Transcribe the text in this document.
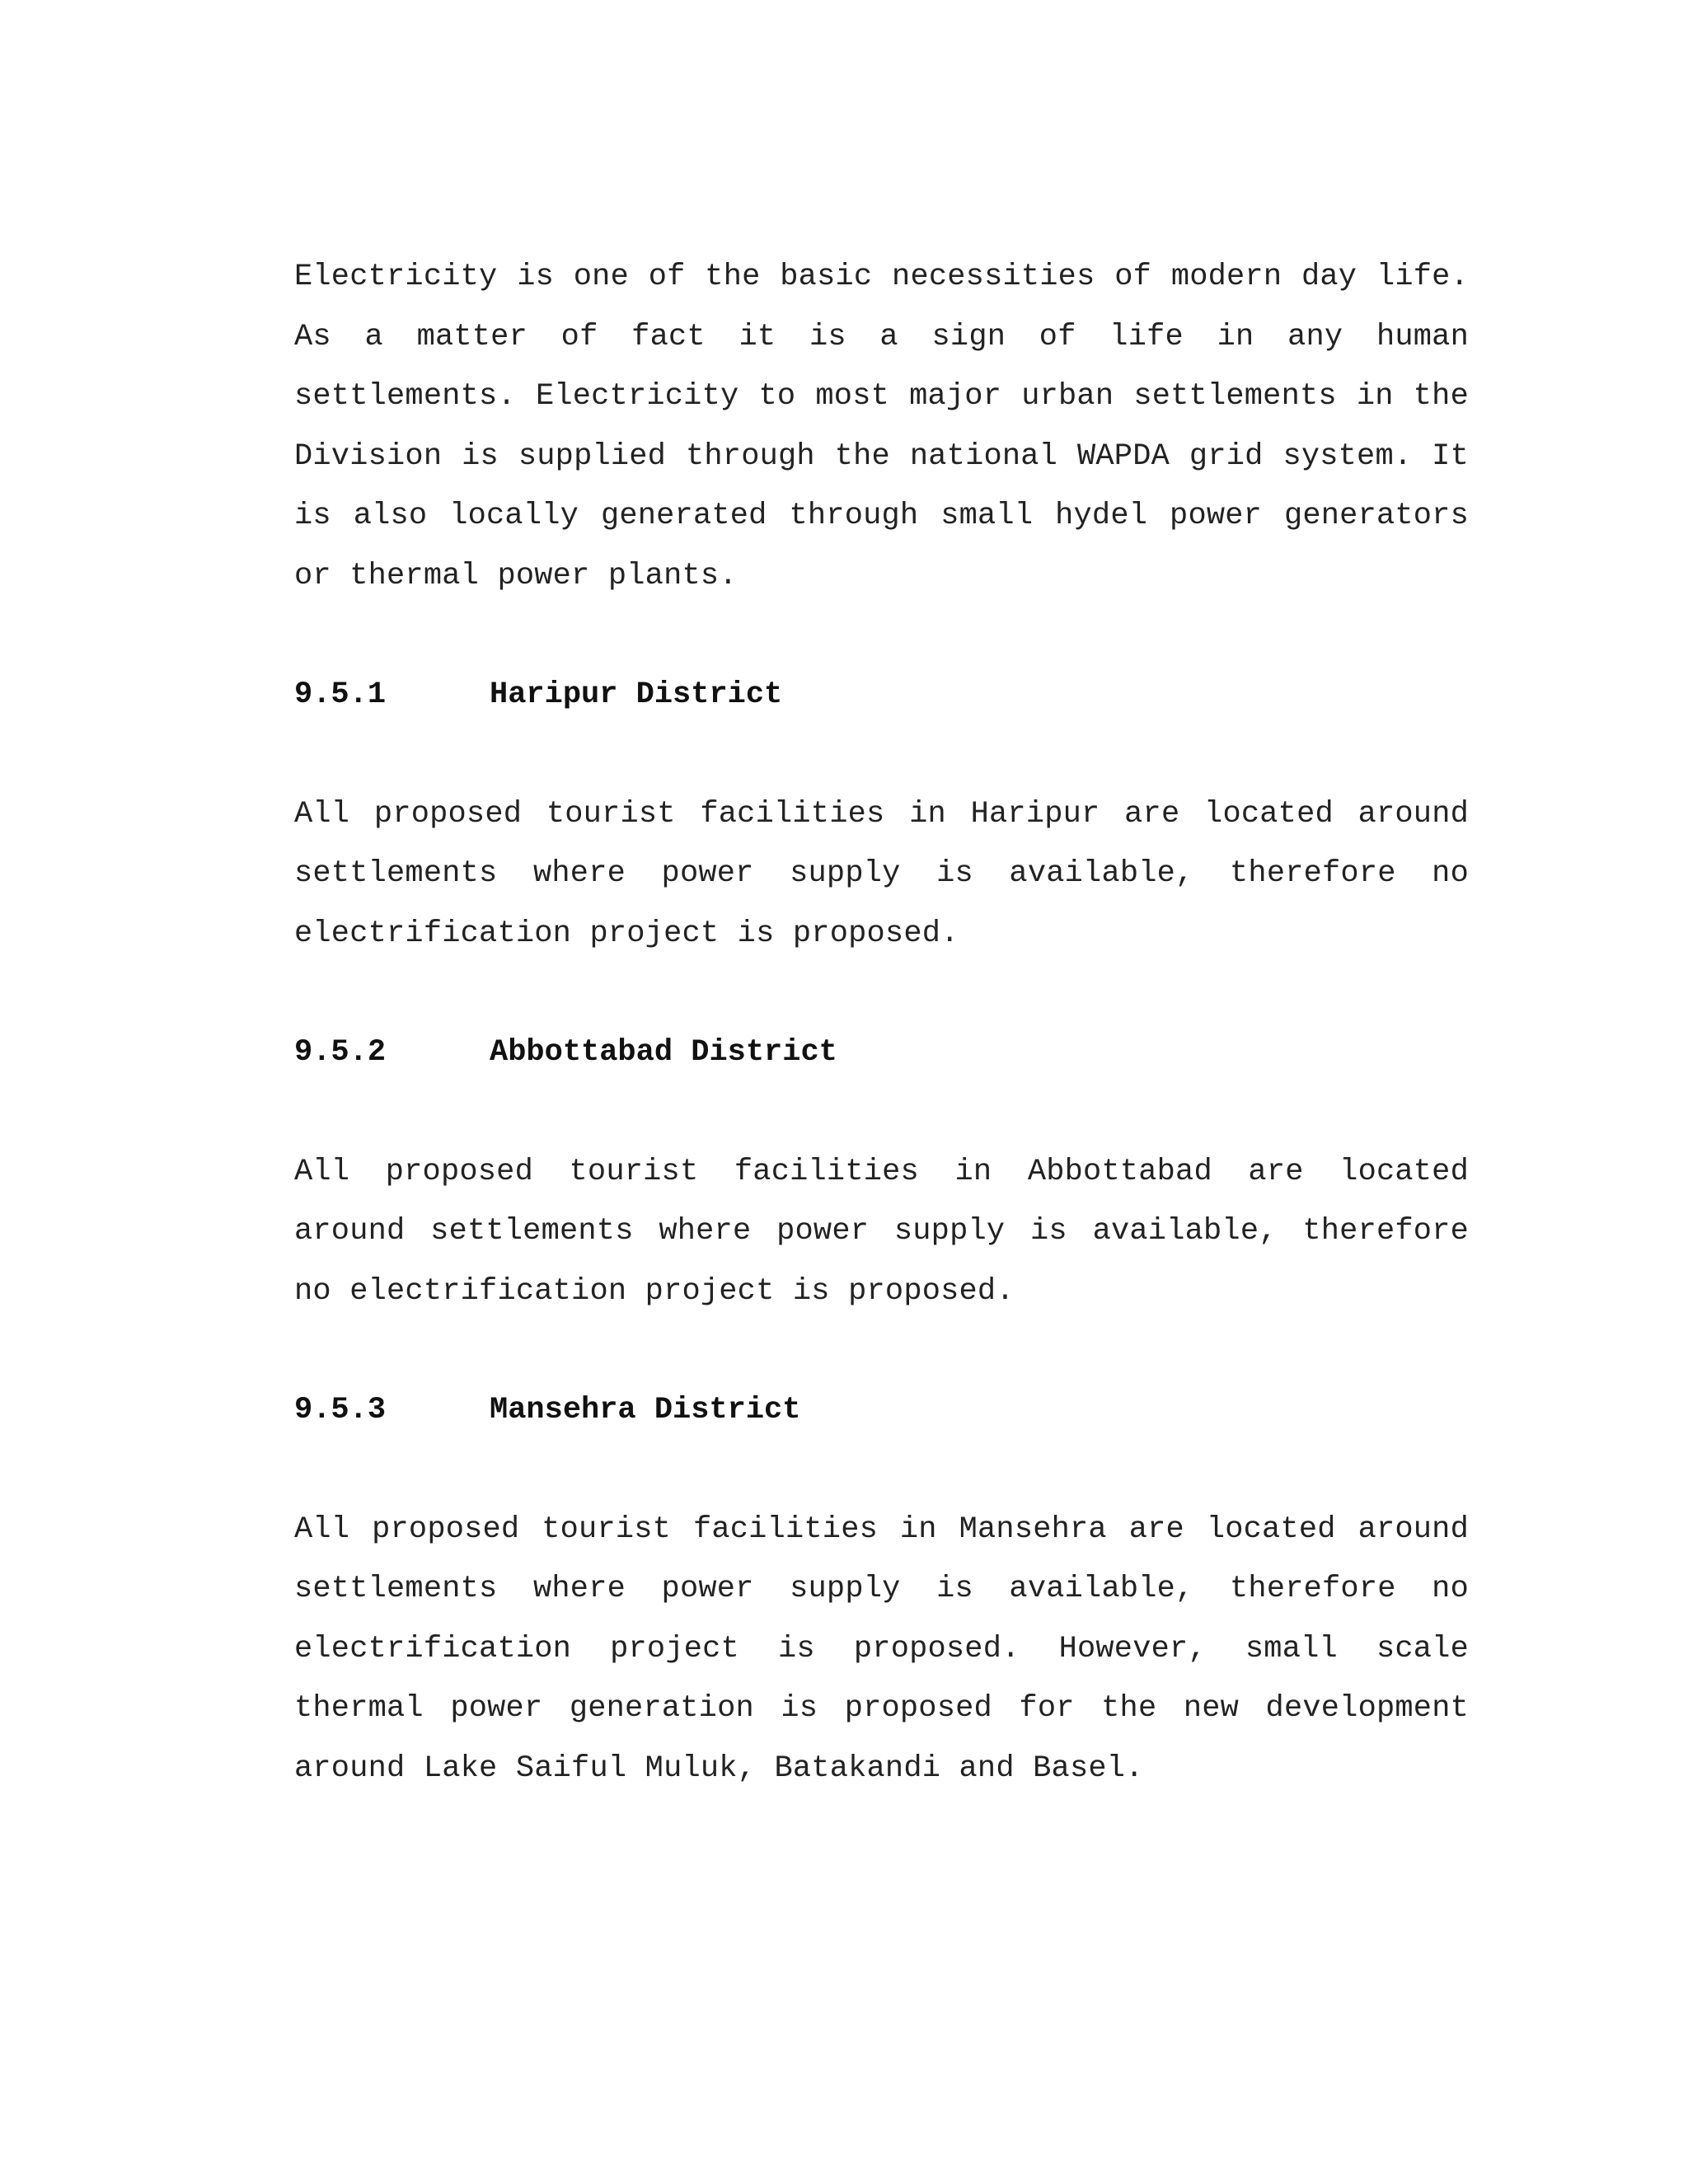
Electricity is one of the basic necessities of modern day life. As a matter of fact it is a sign of life in any human settlements. Electricity to most major urban settlements in the Division is supplied through the national WAPDA grid system. It is also locally generated through small hydel power generators or thermal power plants.

9.5.1	Haripur District

All proposed tourist facilities in Haripur are located around settlements where power supply is available, therefore no electrification project is proposed.

9.5.2	Abbottabad District

All proposed tourist facilities in Abbottabad are located around settlements where power supply is available, therefore no electrification project is proposed.

9.5.3	Mansehra District

All proposed tourist facilities in Mansehra are located around settlements where power supply is available, therefore no electrification project is proposed. However, small scale thermal power generation is proposed for the new development around Lake Saiful Muluk, Batakandi and Basel.
